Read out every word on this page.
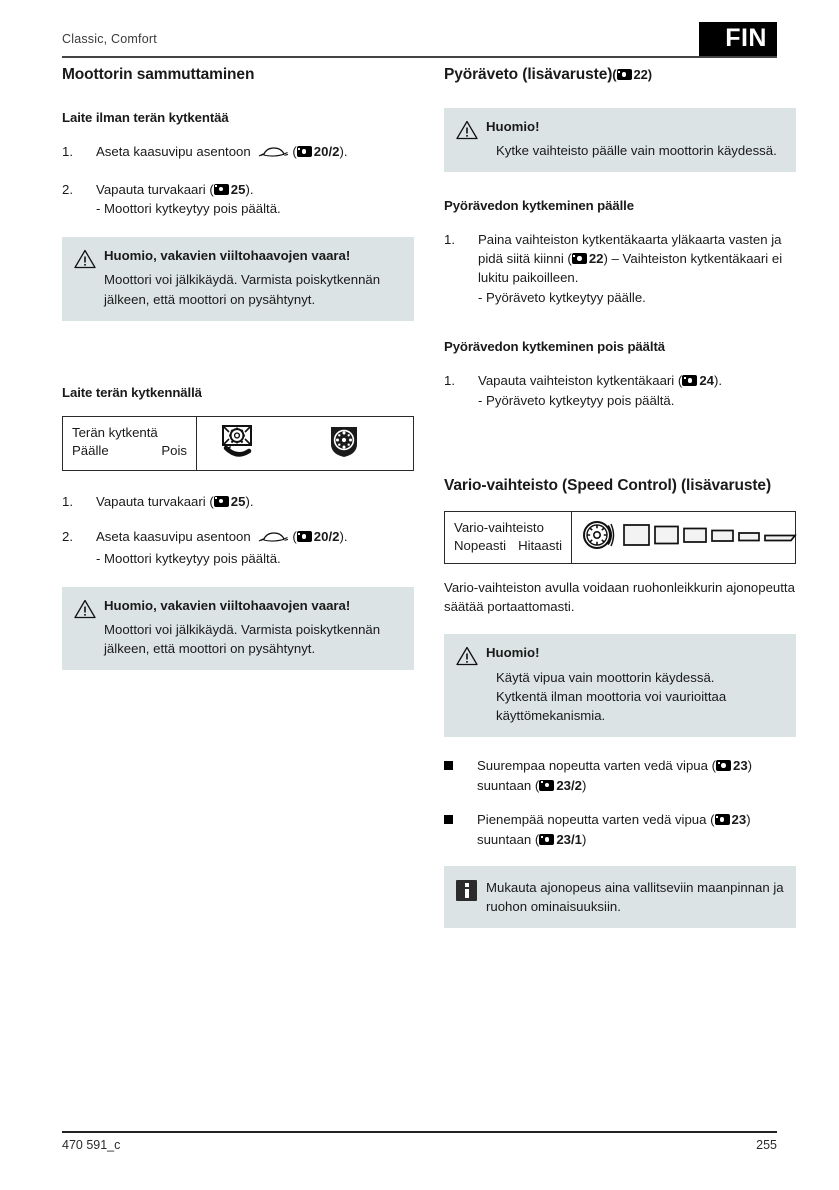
Classic, Comfort	FIN
Moottorin sammuttaminen
Laite ilman terän kytkentää
1.	Aseta kaasuvipu asentoon	( 20/2).
2.	Vapauta turvakaari ( 25).
- Moottori kytkeytyy pois päältä.
Huomio, vakavien viiltohaavojen vaara!
Moottori voi jälkikäydä. Varmista poiskytkennän jälkeen, että moottori on pysähtynyt.
Laite terän kytkennällä
Terän kytkentä
Päälle	Pois
1.	Vapauta turvakaari ( 25).
2.	Aseta kaasuvipu asentoon	( 20/2).
- Moottori kytkeytyy pois päältä.
Huomio, vakavien viiltohaavojen vaara!
Moottori voi jälkikäydä. Varmista poiskytkennän jälkeen, että moottori on pysähtynyt.
Pyöräveto (lisävaruste)( 22)
Huomio!
Kytke vaihteisto päälle vain moottorin käydessä.
Pyörävedon kytkeminen päälle
1.	Paina vaihteiston kytkentäkaarta yläkaarta vasten ja pidä siitä kiinni ( 22) – Vaihteiston kytkentäkaari ei lukitu paikoilleen.
- Pyöräveto kytkeytyy päälle.
Pyörävedon kytkeminen pois päältä
1.	Vapauta vaihteiston kytkentäkaari ( 24).
- Pyöräveto kytkeytyy pois päältä.
Vario-vaihteisto (Speed Control) (lisävaruste)
Vario-vaihteisto
Nopeasti Hitaasti

Vario-vaihteiston avulla voidaan ruohonleikkurin ajonopeutta säätää portaattomasti.

Huomio!
Käytä vipua vain moottorin käydessä.
Kytkentä ilman moottoria voi vaurioittaa
käyttömekanismia.
Suurempaa nopeutta varten vedä vipua ( 23)
suuntaan ( 23/2)
Pienempää nopeutta varten vedä vipua ( 23)
suuntaan ( 23/1)
Mukauta ajonopeus aina vallitseviin maanpinnan ja ruohon ominaisuuksiin.
470 591_c	255
